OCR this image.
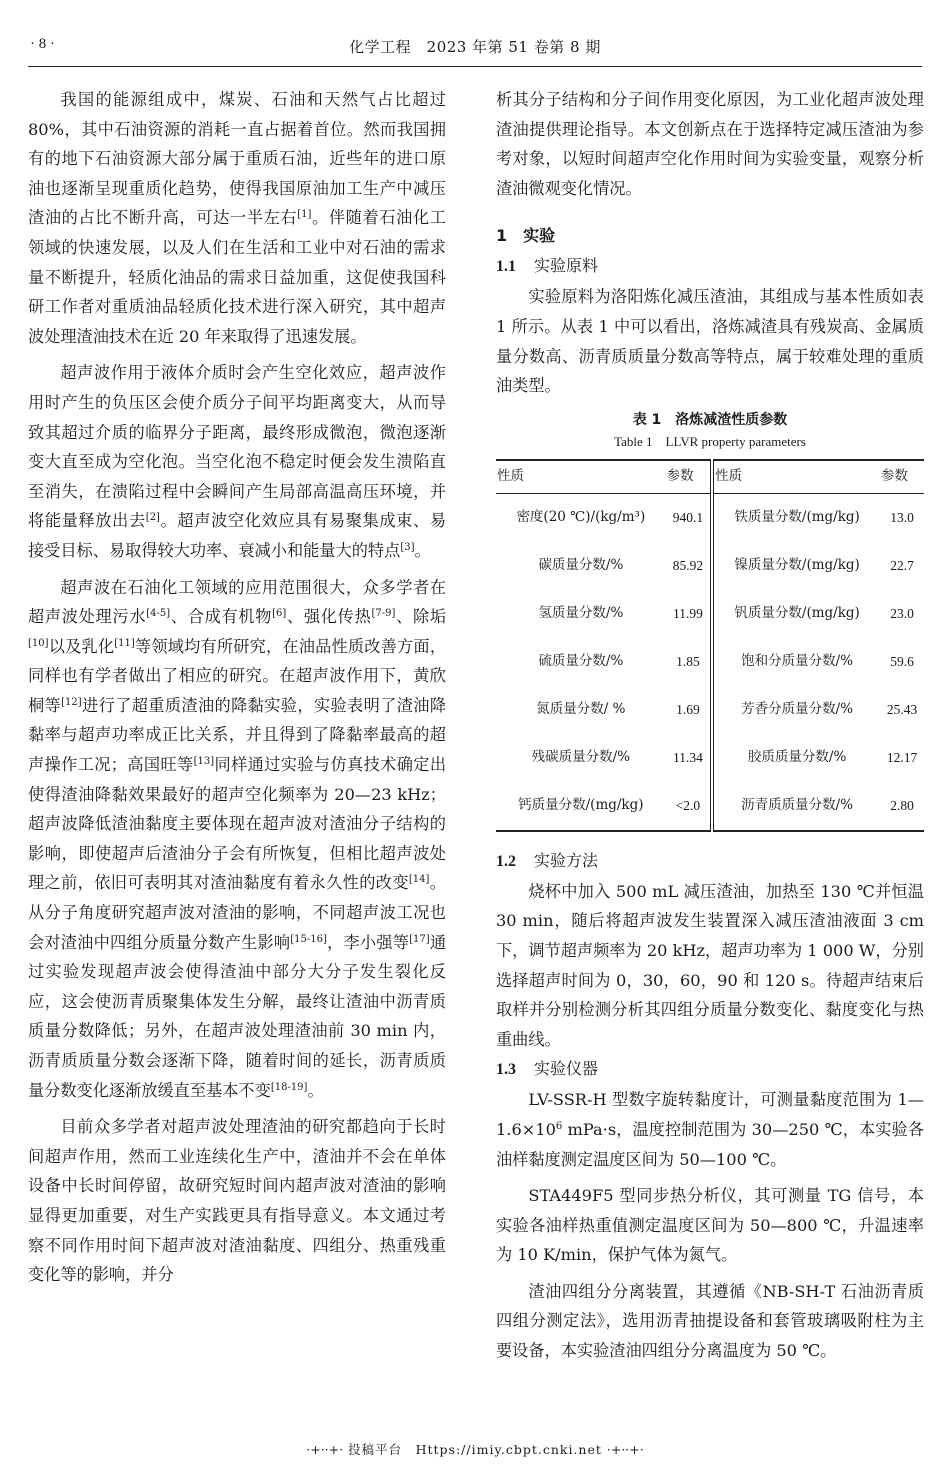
· 8 ·	化学工程　2023 年第 51 卷第 8 期

我国的能源组成中，煤炭、石油和天然气占比超过 80%，其中石油资源的消耗一直占据着首位。然而我国拥有的地下石油资源大部分属于重质石油，近些年的进口原油也逐渐呈现重质化趋势，使得我国原油加工生产中减压渣油的占比不断升高，可达一半左右[1]。伴随着石油化工领域的快速发展，以及人们在生活和工业中对石油的需求量不断提升，轻质化油品的需求日益加重，这促使我国科研工作者对重质油品轻质化技术进行深入研究，其中超声波处理渣油技术在近 20 年来取得了迅速发展。

超声波作用于液体介质时会产生空化效应，超声波作用时产生的负压区会使介质分子间平均距离变大，从而导致其超过介质的临界分子距离，最终形成微泡，微泡逐渐变大直至成为空化泡。当空化泡不稳定时便会发生溃陷直至消失，在溃陷过程中会瞬间产生局部高温高压环境，并将能量释放出去[2]。超声波空化效应具有易聚集成束、易接受目标、易取得较大功率、衰减小和能量大的特点[3]。

超声波在石油化工领域的应用范围很大，众多学者在超声波处理污水[4-5]、合成有机物[6]、强化传热[7-9]、除垢[10]以及乳化[11]等领域均有所研究，在油品性质改善方面，同样也有学者做出了相应的研究。在超声波作用下，黄欣桐等[12]进行了超重质渣油的降黏实验，实验表明了渣油降黏率与超声功率成正比关系，并且得到了降黏率最高的超声操作工况；高国旺等[13]同样通过实验与仿真技术确定出使得渣油降黏效果最好的超声空化频率为 20—23 kHz；超声波降低渣油黏度主要体现在超声波对渣油分子结构的影响，即使超声后渣油分子会有所恢复，但相比超声波处理之前，依旧可表明其对渣油黏度有着永久性的改变[14]。从分子角度研究超声波对渣油的影响，不同超声波工况也会对渣油中四组分质量分数产生影响[15-16]，李小强等[17]通过实验发现超声波会使得渣油中部分大分子发生裂化反应，这会使沥青质聚集体发生分解，最终让渣油中沥青质质量分数降低；另外，在超声波处理渣油前 30 min 内，沥青质质量分数会逐渐下降，随着时间的延长，沥青质质量分数变化逐渐放缓直至基本不变[18-19]。

目前众多学者对超声波处理渣油的研究都趋向于长时间超声作用，然而工业连续化生产中，渣油并不会在单体设备中长时间停留，故研究短时间内超声波对渣油的影响显得更加重要，对生产实践更具有指导意义。本文通过考察不同作用时间下超声波对渣油黏度、四组分、热重残重变化等的影响，并分

析其分子结构和分子间作用变化原因，为工业化超声波处理渣油提供理论指导。本文创新点在于选择特定减压渣油为参考对象，以短时间超声空化作用时间为实验变量，观察分析渣油微观变化情况。

1　 实验
1.1 实验原料

实验原料为洛阳炼化减压渣油，其组成与基本性质如表 1 所示。从表 1 中可以看出，洛炼减渣具有残炭高、金属质量分数高、沥青质质量分数高等特点，属于较难处理的重质油类型。

表 1　洛炼减渣性质参数
Table 1　LLVR property parameters
性质	参数	性质	参数
密度(20 ℃)/(kg/m³)	940.1	铁质量分数/(mg/kg)	13.0
碳质量分数/%	85.92	镍质量分数/(mg/kg)	22.7
氢质量分数/%	11.99	钒质量分数/(mg/kg)	23.0
硫质量分数/%	1.85	饱和分质量分数/%	59.6
氮质量分数/ %	1.69	芳香分质量分数/%	25.43
残碳质量分数/%	11.34	胶质质量分数/%	12.17
钙质量分数/(mg/kg)	<2.0	沥青质质量分数/%	2.80
1.2 实验方法

烧杯中加入 500 mL 减压渣油，加热至 130 ℃并恒温 30 min，随后将超声波发生装置深入减压渣油液面 3 cm 下，调节超声频率为 20 kHz，超声功率为 1 000 W，分别选择超声时间为 0，30，60，90 和 120 s。待超声结束后取样并分别检测分析其四组分质量分数变化、黏度变化与热重曲线。

1.3 实验仪器

LV-SSR-H 型数字旋转黏度计，可测量黏度范围为 $1—1.6\times 10^6$ mPa·s，温度控制范围为 30—250 ℃，本实验各油样黏度测定温度区间为 50—100 ℃。

STA449F5 型同步热分析仪，其可测量 TG 信号，本实验各油样热重值测定温度区间为 50—800 ℃，升温速率为 10 K/min，保护气体为氮气。

渣油四组分分离装置，其遵循《NB-SH-T 石油沥青质四组分测定法》，选用沥青抽提设备和套管玻璃吸附柱为主要设备，本实验渣油四组分分离温度为 50 ℃。

·+··+· 投稿平台　Https://imiy.cbpt.cnki.net ·+··+·
